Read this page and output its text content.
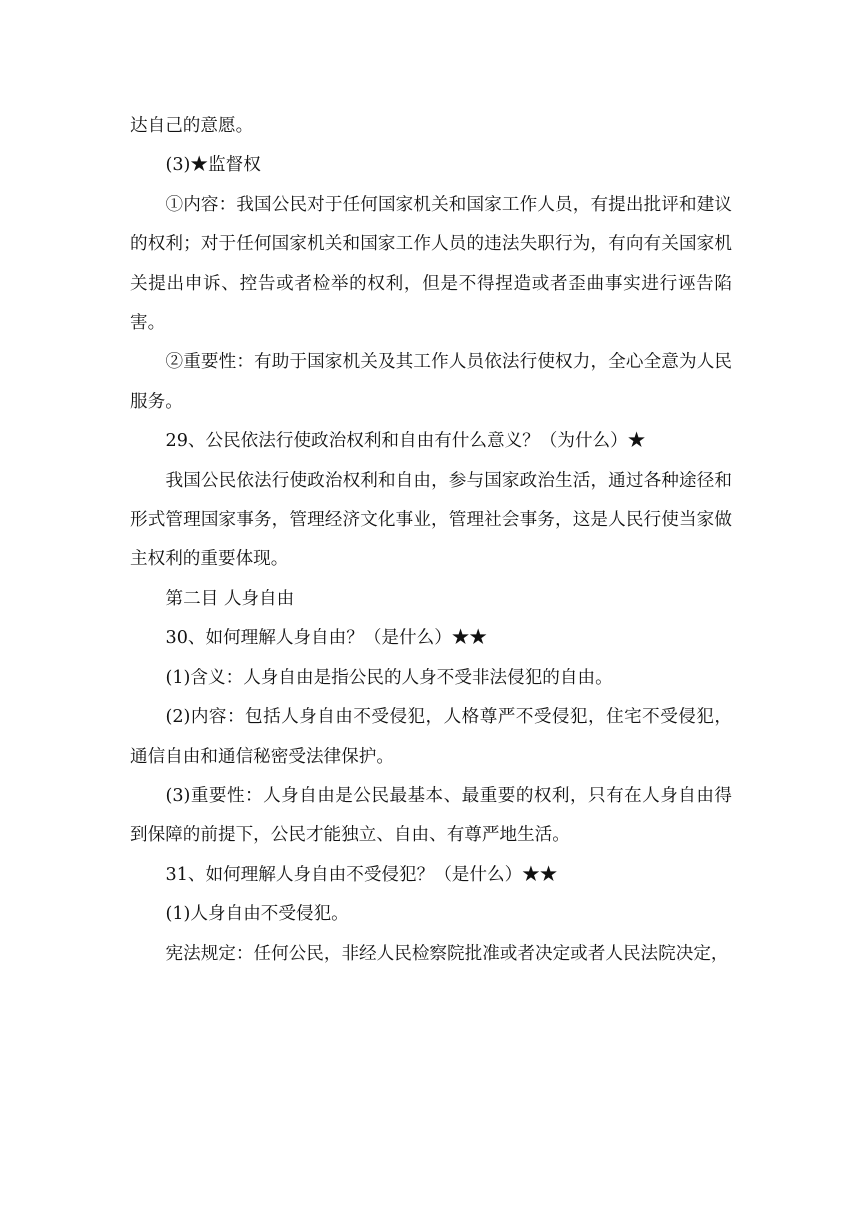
达自己的意愿。

(3)★监督权

①内容：我国公民对于任何国家机关和国家工作人员，有提出批评和建议的权利；对于任何国家机关和国家工作人员的违法失职行为，有向有关国家机关提出申诉、控告或者检举的权利，但是不得捏造或者歪曲事实进行诬告陷害。

②重要性：有助于国家机关及其工作人员依法行使权力，全心全意为人民服务。

29、公民依法行使政治权利和自由有什么意义？（为什么）★

我国公民依法行使政治权利和自由，参与国家政治生活，通过各种途径和形式管理国家事务，管理经济文化事业，管理社会事务，这是人民行使当家做主权利的重要体现。

第二目 人身自由

30、如何理解人身自由？（是什么）★★

(1)含义：人身自由是指公民的人身不受非法侵犯的自由。

(2)内容：包括人身自由不受侵犯，人格尊严不受侵犯，住宅不受侵犯，通信自由和通信秘密受法律保护。

(3)重要性：人身自由是公民最基本、最重要的权利，只有在人身自由得到保障的前提下，公民才能独立、自由、有尊严地生活。

31、如何理解人身自由不受侵犯？（是什么）★★

(1)人身自由不受侵犯。

宪法规定：任何公民，非经人民检察院批准或者决定或者人民法院决定，
